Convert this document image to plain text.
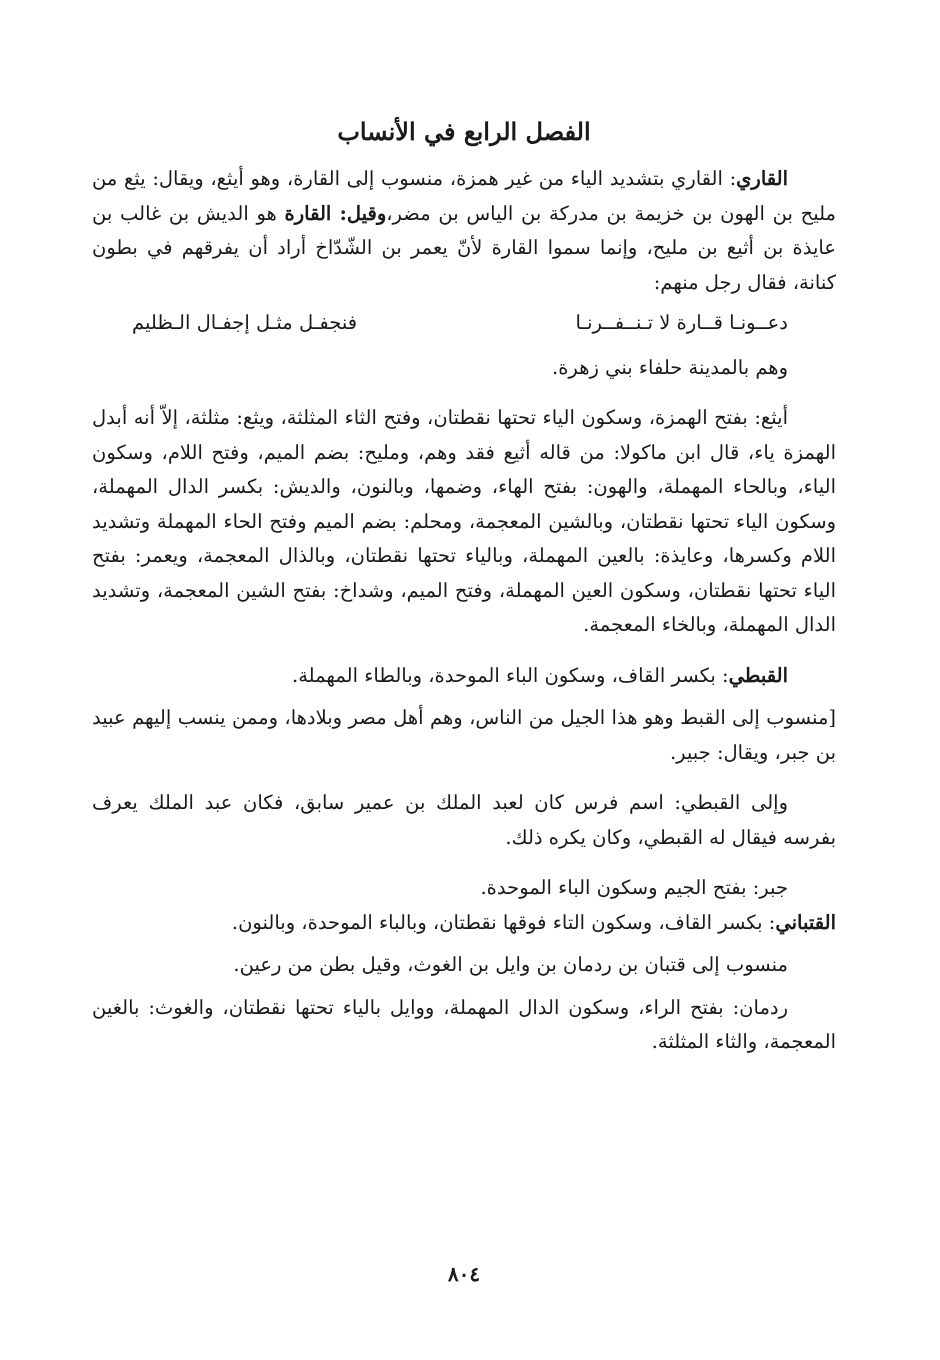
الفصل الرابع في الأنساب

القاري: القاري بتشديد الياء من غير همزة، منسوب إلى القارة، وهو أيثع، ويقال: يثع من مليح بن الهون بن خزيمة بن مدركة بن الياس بن مضر،وقيل: القارة هو الديش بن غالب بن عايذة بن أثيع بن مليح، وإنما سموا القارة لأنّ يعمر بن الشّدّاخ أراد أن يفرقهم في بطون كنانة، فقال رجل منهم:

دعــونـا قــارة لا تـنــفــرنـا
فنجفـل مثـل إجفـال الـظليم

وهم بالمدينة حلفاء بني زهرة.

أيثع: بفتح الهمزة، وسكون الياء تحتها نقطتان، وفتح الثاء المثلثة، ويثع: مثلثة، إلاّ أنه أبدل الهمزة ياء، قال ابن ماكولا: من قاله أثيع فقد وهم، ومليح: بضم الميم، وفتح اللام، وسكون الياء، وبالحاء المهملة، والهون: بفتح الهاء، وضمها، وبالنون، والديش: بكسر الدال المهملة، وسكون الياء تحتها نقطتان، وبالشين المعجمة، ومحلم: بضم الميم وفتح الحاء المهملة وتشديد اللام وكسرها، وعايذة: بالعين المهملة، وبالياء تحتها نقطتان، وبالذال المعجمة، ويعمر: بفتح الياء تحتها نقطتان، وسكون العين المهملة، وفتح الميم، وشداخ: بفتح الشين المعجمة، وتشديد الدال المهملة، وبالخاء المعجمة.

القبطي: بكسر القاف، وسكون الباء الموحدة، وبالطاء المهملة.

[منسوب إلى القبط وهو هذا الجيل من الناس، وهم أهل مصر وبلادها، وممن ينسب إليهم عبيد بن جبر، ويقال: جبير.

وإلى القبطي: اسم فرس كان لعبد الملك بن عمير سابق، فكان عبد الملك يعرف بفرسه فيقال له القبطي، وكان يكره ذلك.

جبر: بفتح الجيم وسكون الباء الموحدة.

القتباني: بكسر القاف، وسكون التاء فوقها نقطتان، وبالباء الموحدة، وبالنون.

منسوب إلى قتبان بن ردمان بن وايل بن الغوث، وقيل بطن من رعين.

ردمان: بفتح الراء، وسكون الدال المهملة، ووايل بالياء تحتها نقطتان، والغوث: بالغين المعجمة، والثاء المثلثة.

٨٠٤
